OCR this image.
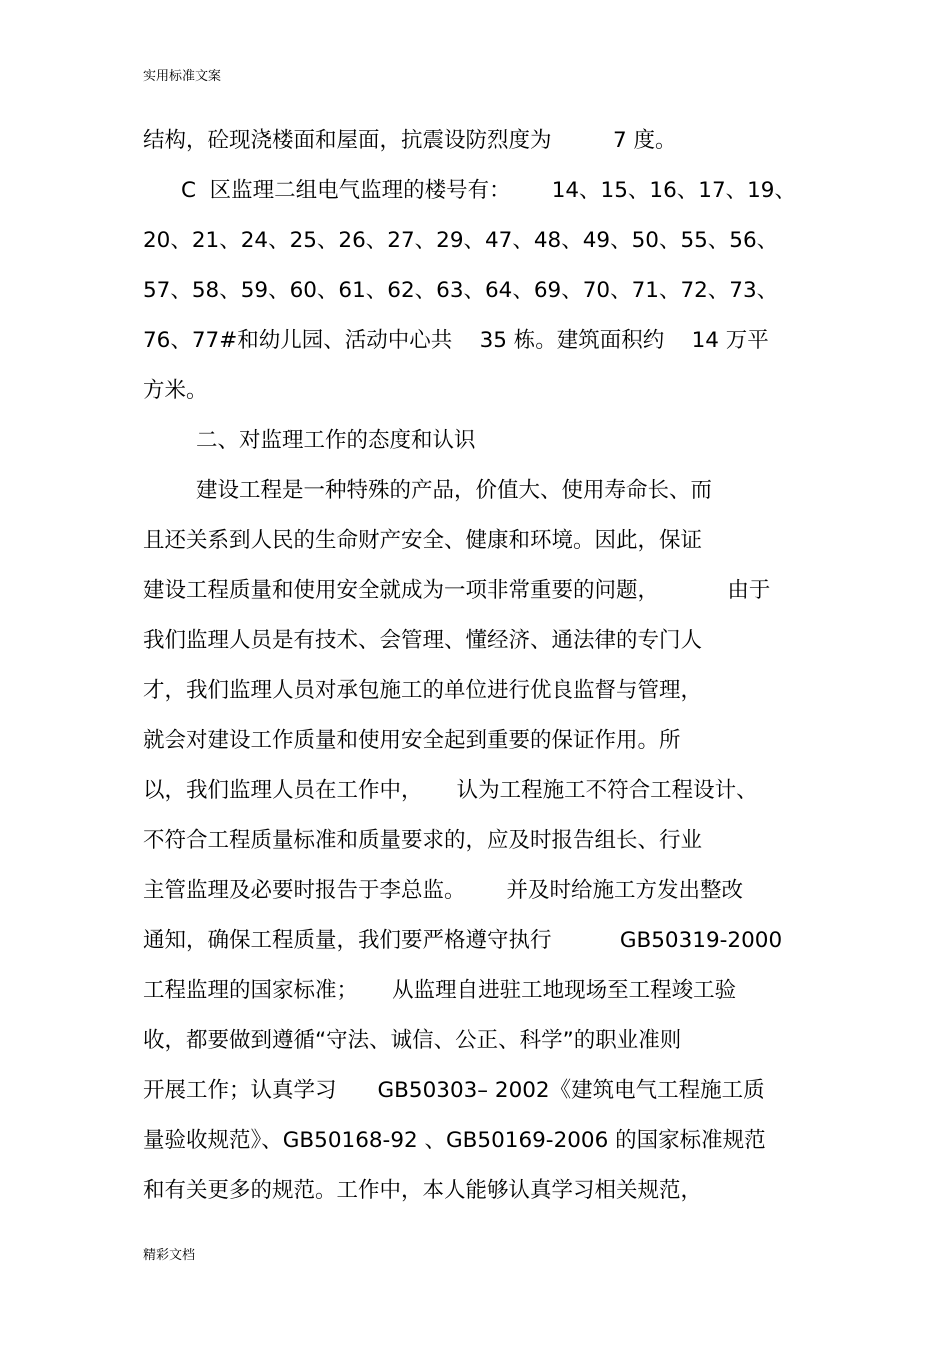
实用标准文案
结构，砼现浇楼面和屋面，抗震设防烈度为         7 度。
C  区监理二组电气监理的楼号有：      14、15、16、17、19、
20、21、24、25、26、27、29、47、48、49、50、55、56、
57、58、59、60、61、62、63、64、69、70、71、72、73、
76、77#和幼儿园、活动中心共    35 栋。建筑面积约    14 万平
方米。
二、对监理工作的态度和认识
建设工程是一种特殊的产品，价值大、使用寿命长、而
且还关系到人民的生命财产安全、健康和环境。因此，保证
建设工程质量和使用安全就成为一项非常重要的问题，          由于
我们监理人员是有技术、会管理、懂经济、通法律的专门人
才，我们监理人员对承包施工的单位进行优良监督与管理，
就会对建设工作质量和使用安全起到重要的保证作用。所
以，我们监理人员在工作中，     认为工程施工不符合工程设计、
不符合工程质量标准和质量要求的，应及时报告组长、行业
主管监理及必要时报告于李总监。      并及时给施工方发出整改
通知，确保工程质量，我们要严格遵守执行          GB50319-2000
工程监理的国家标准；     从监理自进驻工地现场至工程竣工验
收，都要做到遵循“守法、诚信、公正、科学”的职业准则
开展工作；认真学习      GB50303– 2002《建筑电气工程施工质
量验收规范》、GB50168-92 、GB50169-2006 的国家标准规范
和有关更多的规范。工作中，本人能够认真学习相关规范，
精彩文档
